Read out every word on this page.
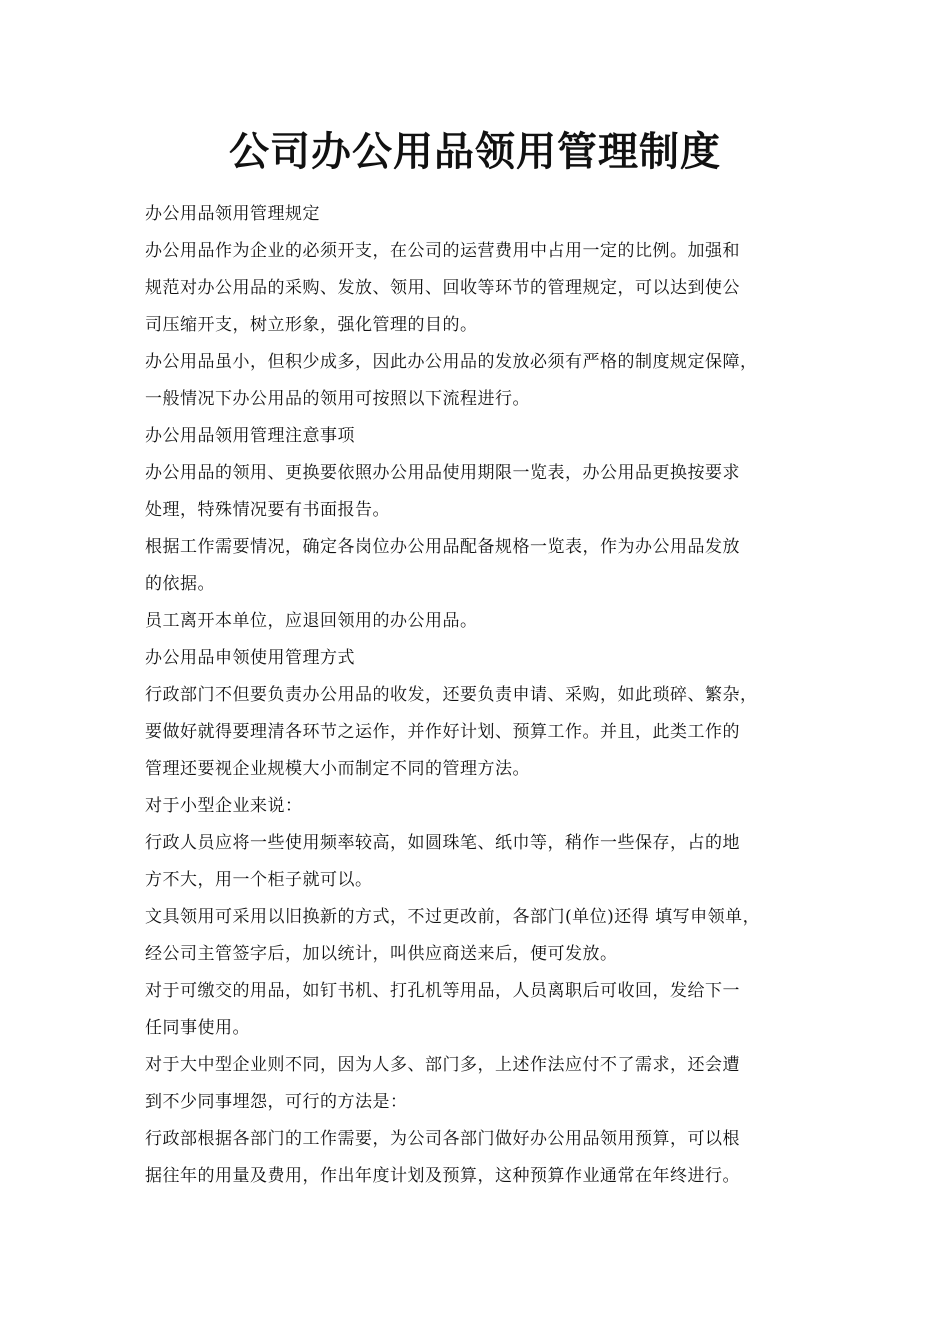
公司办公用品领用管理制度

办公用品领用管理规定

办公用品作为企业的必须开支，在公司的运营费用中占用一定的比例。加强和
规范对办公用品的采购、发放、领用、回收等环节的管理规定，可以达到使公
司压缩开支，树立形象，强化管理的目的。

办公用品虽小，但积少成多，因此办公用品的发放必须有严格的制度规定保障，
一般情况下办公用品的领用可按照以下流程进行。

办公用品领用管理注意事项

办公用品的领用、更换要依照办公用品使用期限一览表，办公用品更换按要求
处理，特殊情况要有书面报告。

根据工作需要情况，确定各岗位办公用品配备规格一览表，作为办公用品发放
的依据。

员工离开本单位，应退回领用的办公用品。

办公用品申领使用管理方式

行政部门不但要负责办公用品的收发，还要负责申请、采购，如此琐碎、繁杂，
要做好就得要理清各环节之运作，并作好计划、预算工作。并且，此类工作的
管理还要视企业规模大小而制定不同的管理方法。

对于小型企业来说：

行政人员应将一些使用频率较高，如圆珠笔、纸巾等，稍作一些保存，占的地
方不大，用一个柜子就可以。

文具领用可采用以旧换新的方式，不过更改前，各部门(单位)还得 填写申领单，
经公司主管签字后，加以统计，叫供应商送来后，便可发放。

对于可缴交的用品，如钉书机、打孔机等用品，人员离职后可收回，发给下一
任同事使用。

对于大中型企业则不同，因为人多、部门多，上述作法应付不了需求，还会遭
到不少同事埋怨，可行的方法是：

行政部根据各部门的工作需要，为公司各部门做好办公用品领用预算，可以根
据往年的用量及费用，作出年度计划及预算，这种预算作业通常在年终进行。
